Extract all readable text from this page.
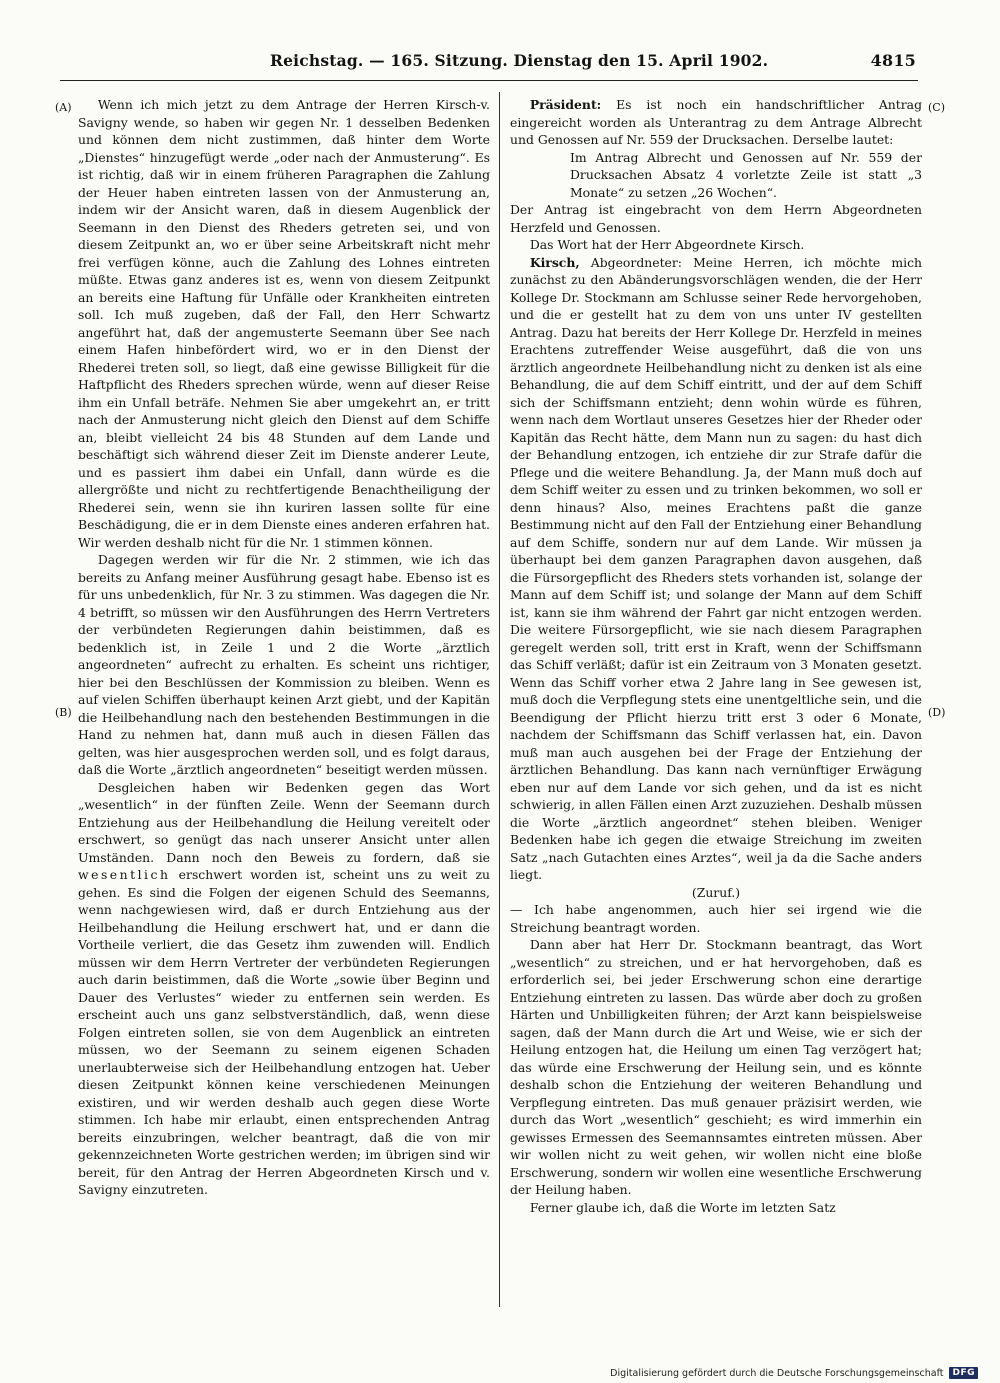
Reichstag. — 165. Sitzung. Dienstag den 15. April 1902.	4815
(A)
(B)
(C)
(D)

Wenn ich mich jetzt zu dem Antrage der Herren Kirsch-v. Savigny wende, so haben wir gegen Nr. 1 desselben Bedenken und können dem nicht zustimmen, daß hinter dem Worte „Dienstes“ hinzugefügt werde „oder nach der Anmusterung“. Es ist richtig, daß wir in einem früheren Paragraphen die Zahlung der Heuer haben eintreten lassen von der Anmusterung an, indem wir der Ansicht waren, daß in diesem Augenblick der Seemann in den Dienst des Rheders getreten sei, und von diesem Zeitpunkt an, wo er über seine Arbeitskraft nicht mehr frei verfügen könne, auch die Zahlung des Lohnes eintreten müßte. Etwas ganz anderes ist es, wenn von diesem Zeitpunkt an bereits eine Haftung für Unfälle oder Krankheiten eintreten soll. Ich muß zugeben, daß der Fall, den Herr Schwartz angeführt hat, daß der angemusterte Seemann über See nach einem Hafen hinbefördert wird, wo er in den Dienst der Rhederei treten soll, so liegt, daß eine gewisse Billigkeit für die Haftpflicht des Rheders sprechen würde, wenn auf dieser Reise ihm ein Unfall beträfe. Nehmen Sie aber umgekehrt an, er tritt nach der Anmusterung nicht gleich den Dienst auf dem Schiffe an, bleibt vielleicht 24 bis 48 Stunden auf dem Lande und beschäftigt sich während dieser Zeit im Dienste anderer Leute, und es passiert ihm dabei ein Unfall, dann würde es die allergrößte und nicht zu rechtfertigende Benachtheiligung der Rhederei sein, wenn sie ihn kuriren lassen sollte für eine Beschädigung, die er in dem Dienste eines anderen erfahren hat. Wir werden deshalb nicht für die Nr. 1 stimmen können.

Dagegen werden wir für die Nr. 2 stimmen, wie ich das bereits zu Anfang meiner Ausführung gesagt habe. Ebenso ist es für uns unbedenklich, für Nr. 3 zu stimmen. Was dagegen die Nr. 4 betrifft, so müssen wir den Ausführungen des Herrn Vertreters der verbündeten Regierungen dahin beistimmen, daß es bedenklich ist, in Zeile 1 und 2 die Worte „ärztlich angeordneten“ aufrecht zu erhalten. Es scheint uns richtiger, hier bei den Beschlüssen der Kommission zu bleiben. Wenn es auf vielen Schiffen überhaupt keinen Arzt giebt, und der Kapitän die Heilbehandlung nach den bestehenden Bestimmungen in die Hand zu nehmen hat, dann muß auch in diesen Fällen das gelten, was hier ausgesprochen werden soll, und es folgt daraus, daß die Worte „ärztlich angeordneten“ beseitigt werden müssen.

Desgleichen haben wir Bedenken gegen das Wort „wesentlich“ in der fünften Zeile. Wenn der Seemann durch Entziehung aus der Heilbehandlung die Heilung vereitelt oder erschwert, so genügt das nach unserer Ansicht unter allen Umständen. Dann noch den Beweis zu fordern, daß sie wesentlich erschwert worden ist, scheint uns zu weit zu gehen. Es sind die Folgen der eigenen Schuld des Seemanns, wenn nachgewiesen wird, daß er durch Entziehung aus der Heilbehandlung die Heilung erschwert hat, und er dann die Vortheile verliert, die das Gesetz ihm zuwenden will. Endlich müssen wir dem Herrn Vertreter der verbündeten Regierungen auch darin beistimmen, daß die Worte „sowie über Beginn und Dauer des Verlustes“ wieder zu entfernen sein werden. Es erscheint auch uns ganz selbstverständlich, daß, wenn diese Folgen eintreten sollen, sie von dem Augenblick an eintreten müssen, wo der Seemann zu seinem eigenen Schaden unerlaubterweise sich der Heilbehandlung entzogen hat. Ueber diesen Zeitpunkt können keine verschiedenen Meinungen existiren, und wir werden deshalb auch gegen diese Worte stimmen. Ich habe mir erlaubt, einen entsprechenden Antrag bereits einzubringen, welcher beantragt, daß die von mir gekennzeichneten Worte gestrichen werden; im übrigen sind wir bereit, für den Antrag der Herren Abgeordneten Kirsch und v. Savigny einzutreten.

Präsident: Es ist noch ein handschriftlicher Antrag eingereicht worden als Unterantrag zu dem Antrage Albrecht und Genossen auf Nr. 559 der Drucksachen. Derselbe lautet:

Im Antrag Albrecht und Genossen auf Nr. 559 der Drucksachen Absatz 4 vorletzte Zeile ist statt „3 Monate“ zu setzen „26 Wochen“.

Der Antrag ist eingebracht von dem Herrn Abgeordneten Herzfeld und Genossen.

Das Wort hat der Herr Abgeordnete Kirsch.

Kirsch, Abgeordneter: Meine Herren, ich möchte mich zunächst zu den Abänderungsvorschlägen wenden, die der Herr Kollege Dr. Stockmann am Schlusse seiner Rede hervorgehoben, und die er gestellt hat zu dem von uns unter IV gestellten Antrag. Dazu hat bereits der Herr Kollege Dr. Herzfeld in meines Erachtens zutreffender Weise ausgeführt, daß die von uns ärztlich angeordnete Heilbehandlung nicht zu denken ist als eine Behandlung, die auf dem Schiff eintritt, und der auf dem Schiff sich der Schiffsmann entzieht; denn wohin würde es führen, wenn nach dem Wortlaut unseres Gesetzes hier der Rheder oder Kapitän das Recht hätte, dem Mann nun zu sagen: du hast dich der Behandlung entzogen, ich entziehe dir zur Strafe dafür die Pflege und die weitere Behandlung. Ja, der Mann muß doch auf dem Schiff weiter zu essen und zu trinken bekommen, wo soll er denn hinaus? Also, meines Erachtens paßt die ganze Bestimmung nicht auf den Fall der Entziehung einer Behandlung auf dem Schiffe, sondern nur auf dem Lande. Wir müssen ja überhaupt bei dem ganzen Paragraphen davon ausgehen, daß die Fürsorgepflicht des Rheders stets vorhanden ist, solange der Mann auf dem Schiff ist; und solange der Mann auf dem Schiff ist, kann sie ihm während der Fahrt gar nicht entzogen werden. Die weitere Fürsorgepflicht, wie sie nach diesem Paragraphen geregelt werden soll, tritt erst in Kraft, wenn der Schiffsmann das Schiff verläßt; dafür ist ein Zeitraum von 3 Monaten gesetzt. Wenn das Schiff vorher etwa 2 Jahre lang in See gewesen ist, muß doch die Verpflegung stets eine unentgeltliche sein, und die Beendigung der Pflicht hierzu tritt erst 3 oder 6 Monate, nachdem der Schiffsmann das Schiff verlassen hat, ein. Davon muß man auch ausgehen bei der Frage der Entziehung der ärztlichen Behandlung. Das kann nach vernünftiger Erwägung eben nur auf dem Lande vor sich gehen, und da ist es nicht schwierig, in allen Fällen einen Arzt zuzuziehen. Deshalb müssen die Worte „ärztlich angeordnet“ stehen bleiben. Weniger Bedenken habe ich gegen die etwaige Streichung im zweiten Satz „nach Gutachten eines Arztes“, weil ja da die Sache anders liegt.

(Zuruf.)

— Ich habe angenommen, auch hier sei irgend wie die Streichung beantragt worden.

Dann aber hat Herr Dr. Stockmann beantragt, das Wort „wesentlich“ zu streichen, und er hat hervorgehoben, daß es erforderlich sei, bei jeder Erschwerung schon eine derartige Entziehung eintreten zu lassen. Das würde aber doch zu großen Härten und Unbilligkeiten führen; der Arzt kann beispielsweise sagen, daß der Mann durch die Art und Weise, wie er sich der Heilung entzogen hat, die Heilung um einen Tag verzögert hat; das würde eine Erschwerung der Heilung sein, und es könnte deshalb schon die Entziehung der weiteren Behandlung und Verpflegung eintreten. Das muß genauer präzisirt werden, wie durch das Wort „wesentlich“ geschieht; es wird immerhin ein gewisses Ermessen des Seemannsamtes eintreten müssen. Aber wir wollen nicht zu weit gehen, wir wollen nicht eine bloße Erschwerung, sondern wir wollen eine wesentliche Erschwerung der Heilung haben.

Ferner glaube ich, daß die Worte im letzten Satz

Digitalisierung gefördert durch die Deutsche Forschungsgemeinschaft	DFG
